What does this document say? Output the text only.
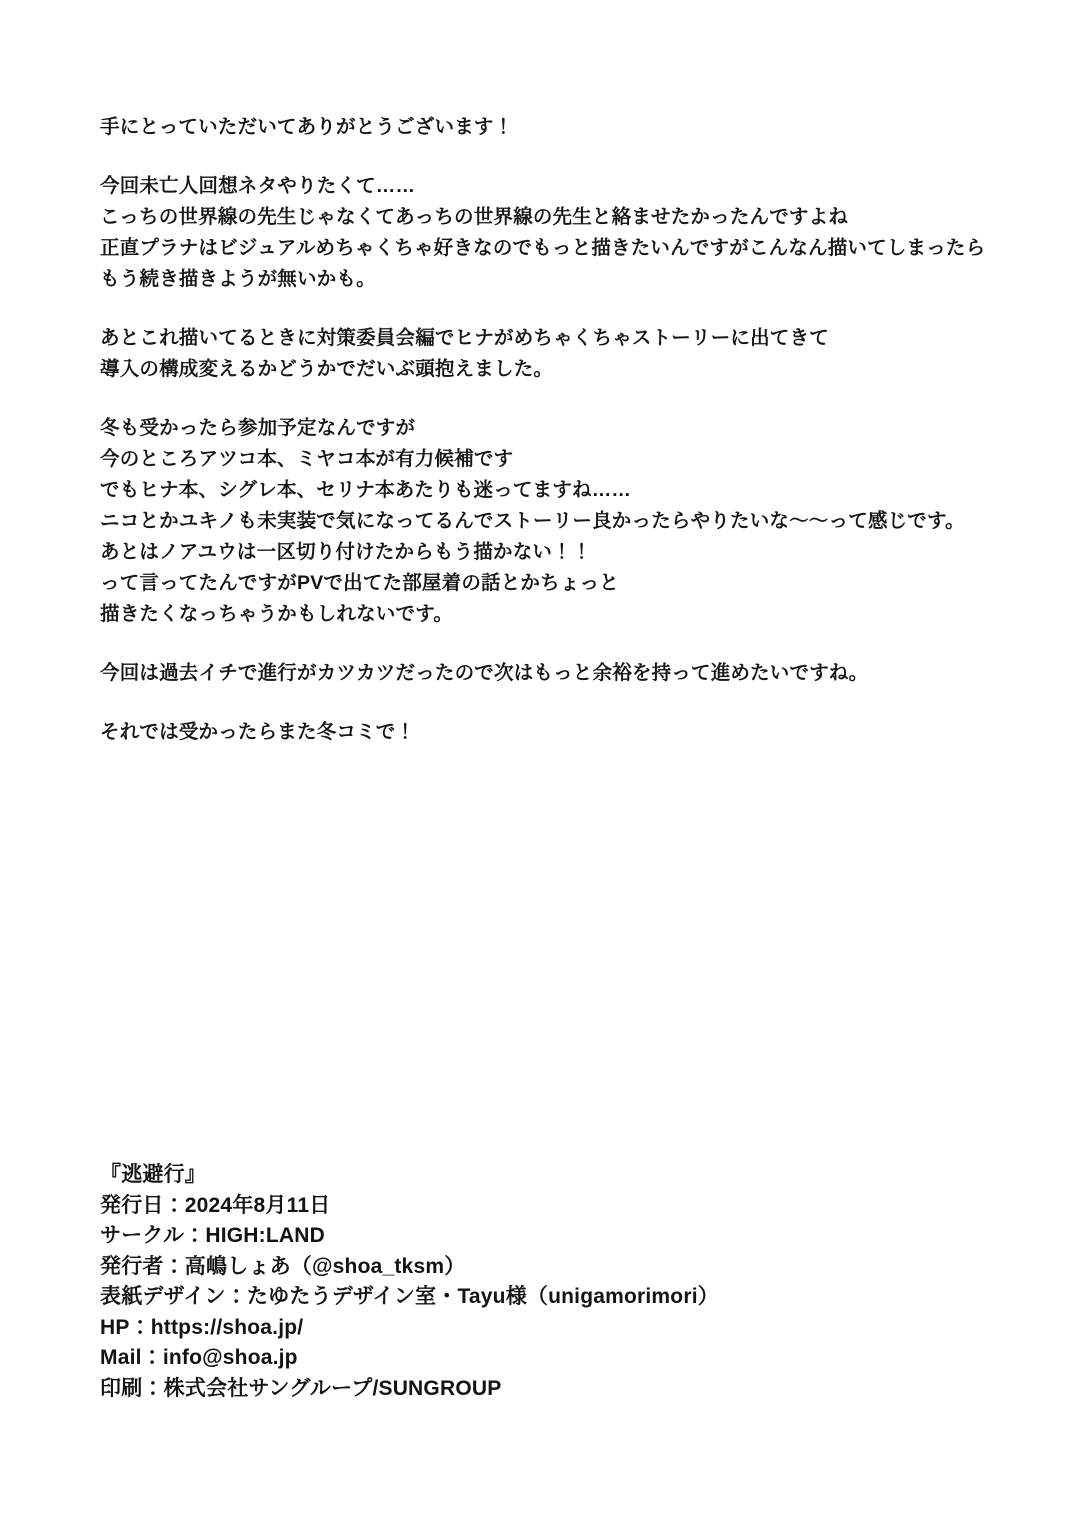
手にとっていただいてありがとうございます！
今回未亡人回想ネタやりたくて……
こっちの世界線の先生じゃなくてあっちの世界線の先生と絡ませたかったんですよね
正直プラナはビジュアルめちゃくちゃ好きなのでもっと描きたいんですがこんなん描いてしまったら
もう続き描きようが無いかも。
あとこれ描いてるときに対策委員会編でヒナがめちゃくちゃストーリーに出てきて
導入の構成変えるかどうかでだいぶ頭抱えました。
冬も受かったら参加予定なんですが
今のところアツコ本、ミヤコ本が有力候補です
でもヒナ本、シグレ本、セリナ本あたりも迷ってますね……
ニコとかユキノも未実装で気になってるんでストーリー良かったらやりたいな〜〜って感じです。
あとはノアユウは一区切り付けたからもう描かない！！
って言ってたんですがPVで出てた部屋着の話とかちょっと
描きたくなっちゃうかもしれないです。
今回は過去イチで進行がカツカツだったので次はもっと余裕を持って進めたいですね。
それでは受かったらまた冬コミで！
『逃避行』
発行日：2024年8月11日
サークル：HIGH:LAND
発行者：高嶋しょあ（@shoa_tksm）
表紙デザイン：たゆたうデザイン室・Tayu様（unigamorimori）
HP：https://shoa.jp/
Mail：info@shoa.jp
印刷：株式会社サングループ/SUNGROUP
